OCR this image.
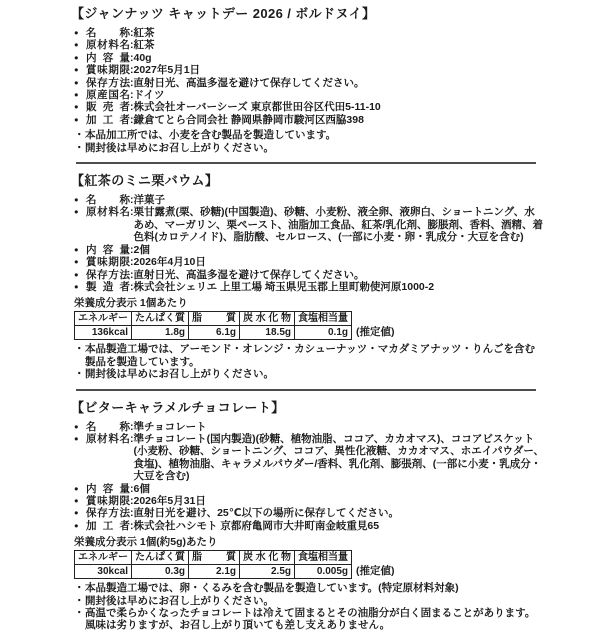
【ジャンナッツ キャットデー 2026 / ボルドヌイ】
● 名称 : 紅茶
● 原材料名 : 紅茶
● 内容量 : 40g
● 賞味期限 : 2027年5月1日
● 保存方法 : 直射日光、高温多湿を避けて保存してください。
● 原産国名 : ドイツ
● 販売者 : 株式会社オーバーシーズ 東京都世田谷区代田5-11-10
● 加工者 : 鎌倉てとら合同会社 静岡県静岡市駿河区西脇398
・ 本品加工所では、小麦を含む製品を製造しています。
・ 開封後は早めにお召し上がりください。
【紅茶のミニ栗バウム】
● 名称 : 洋菓子
● 原材料名 : 栗甘露煮(栗、砂糖)(中国製造)、砂糖、小麦粉、液全卵、液卵白、ショートニング、水あめ、マーガリン、栗ペースト、油脂加工食品、紅茶/乳化剤、膨脹剤、香料、酒精、着色料(カロテノイド)、脂肪酸、セルロース、(一部に小麦・卵・乳成分・大豆を含む)
● 内容量 : 2個
● 賞味期限 : 2026年4月10日
● 保存方法 : 直射日光、高温多湿を避けて保存してください。
● 製造者 : 株式会社シェリエ 上里工場 埼玉県児玉郡上里町勅使河原1000-2
栄養成分表示 1個あたり
エネルギー	たんぱく質	脂質	炭水化物	食塩相当量
136kcal	1.8g	6.1g	18.5g	0.1g (推定値)
・ 本品製造工場では、アーモンド・オレンジ・カシューナッツ・マカダミアナッツ・りんごを含む製品を製造しています。
・ 開封後は早めにお召し上がりください。
【ビターキャラメルチョコレート】
● 名称 : 準チョコレート
● 原材料名 : 準チョコレート(国内製造)(砂糖、植物油脂、ココア、カカオマス)、ココアビスケット(小麦粉、砂糖、ショートニング、ココア、異性化液糖、カカオマス、ホエイパウダー、食塩)、植物油脂、キャラメルパウダー/香料、乳化剤、膨張剤、(一部に小麦・乳成分・大豆を含む)
● 内容量 : 6個
● 賞味期限 : 2026年5月31日
● 保存方法 : 直射日光を避け、25℃以下の場所に保存してください。
● 加工者 : 株式会社ハシモト 京都府亀岡市大井町南金岐重見65
栄養成分表示 1個(約5g)あたり
エネルギー	たんぱく質	脂質	炭水化物	食塩相当量
30kcal	0.3g	2.1g	2.5g	0.005g (推定値)
・ 本品製造工場では、卵・くるみを含む製品を製造しています。(特定原材料対象)
・ 開封後は早めにお召し上がりください。
・ 高温で柔らかくなったチョコレートは冷えて固まるとその油脂分が白く固まることがあります。風味は劣りますが、お召し上がり頂いても差し支えありません。
